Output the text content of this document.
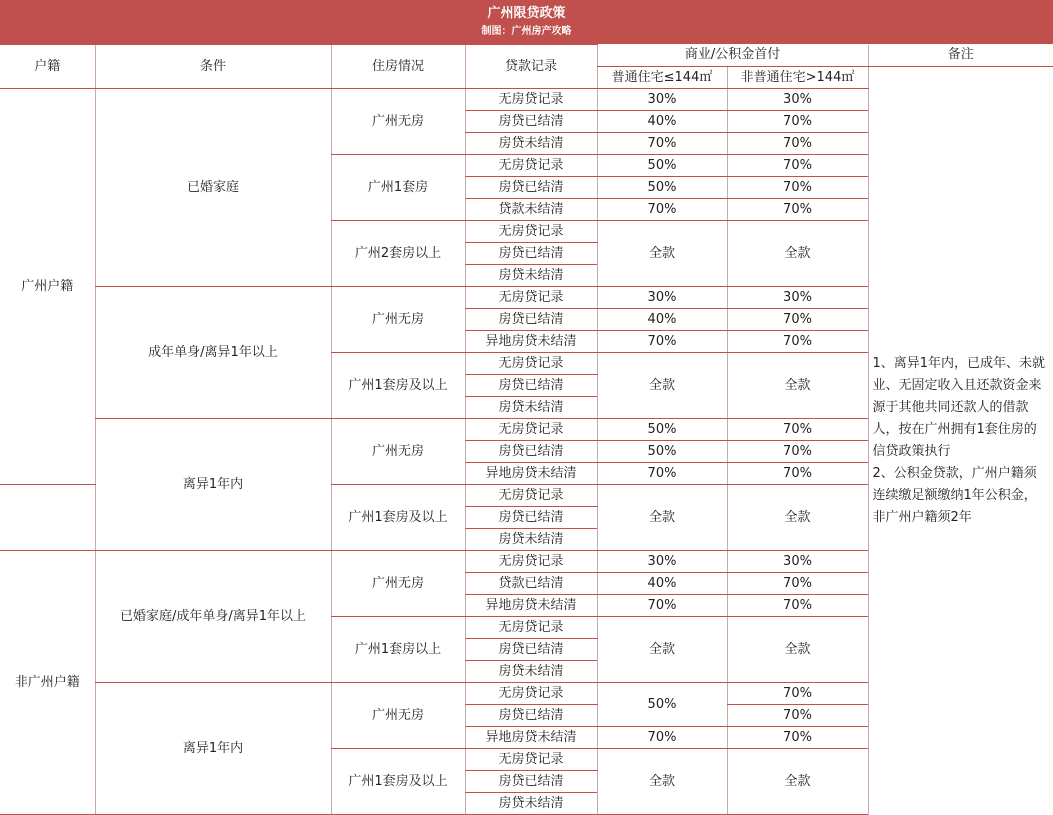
广州限贷政策
制图：广州房产攻略
户籍	条件	住房情况	贷款记录	商业/公积金首付		备注
				普通住宅≤144㎡	非普通住宅>144㎡	1、离异1年内，已成年、未就业、无固定收入且还款资金来源于其他共同还款人的借款人，按在广州拥有1套住房的信贷政策执行
2、公积金贷款，广州户籍须连续缴足额缴纳1年公积金，非广州户籍须2年
广州户籍	已婚家庭	广州无房	无房贷记录	30%	30%	
			房贷已结清	40%	70%	
			房贷未结清	70%	70%	
		广州1套房	无房贷记录	50%	70%	
			房贷已结清	50%	70%	
			贷款未结清	70%	70%	
		广州2套房以上	无房贷记录	全款	全款	
			房贷已结清			
			房贷未结清			
	成年单身/离异1年以上	广州无房	无房贷记录	30%	30%	
			房贷已结清	40%	70%	
			异地房贷未结清	70%	70%	
		广州1套房及以上	无房贷记录	全款	全款	
			房贷已结清			
			房贷未结清			
	离异1年内	广州无房	无房贷记录	50%	70%	
			房贷已结清	50%	70%	
			异地房贷未结清	70%	70%	
		广州1套房及以上	无房贷记录	全款	全款	
			房贷已结清			
			房贷未结清			
非广州户籍	已婚家庭/成年单身/离异1年以上	广州无房	无房贷记录	30%	30%	
			贷款已结清	40%	70%	
			异地房贷未结清	70%	70%	
		广州1套房以上	无房贷记录	全款	全款	
			房贷已结清			
			房贷未结清			
	离异1年内	广州无房	无房贷记录	50%	70%	
			房贷已结清		70%	
			异地房贷未结清	70%	70%	
		广州1套房及以上	无房贷记录	全款	全款	
			房贷已结清			
			房贷未结清			
